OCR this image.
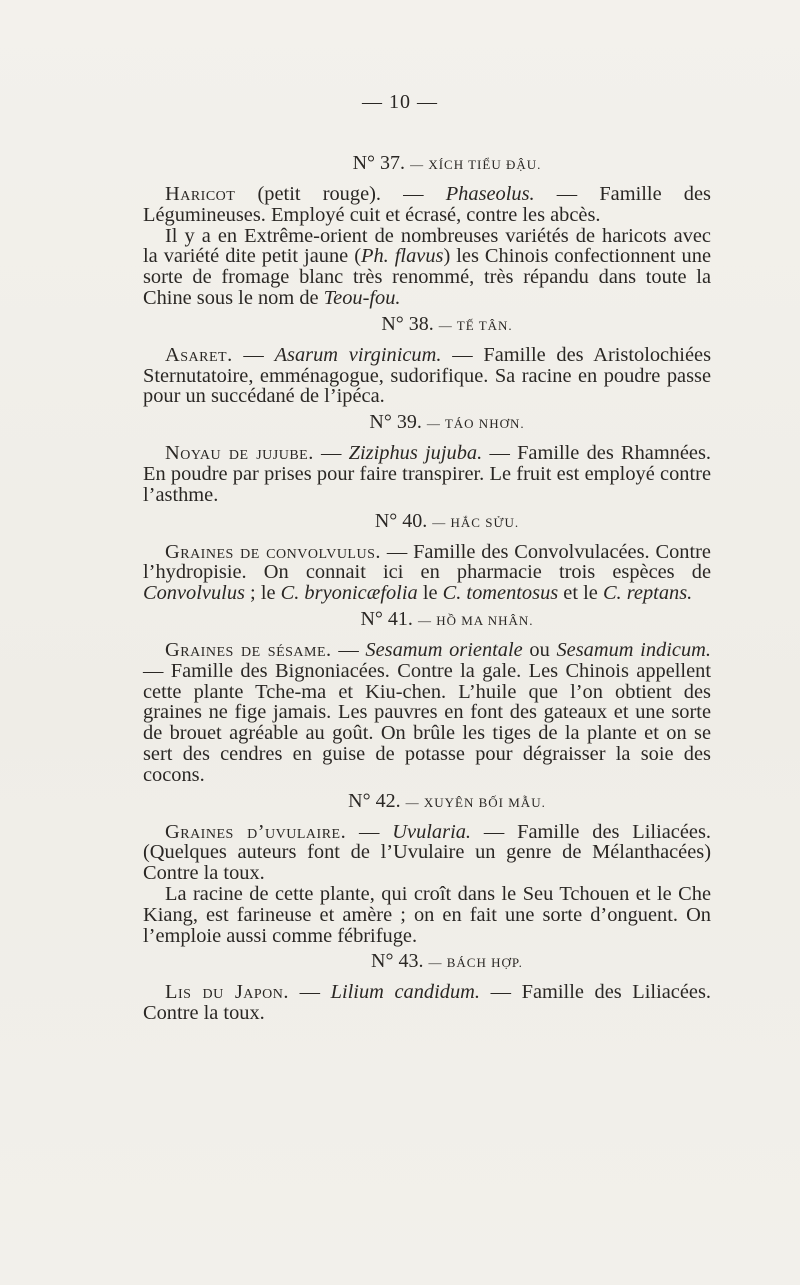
— 10 —
N° 37. — XÍCH TIỂU ĐẬU.

Haricot (petit rouge). — Phaseolus. — Famille des Légumineuses. Employé cuit et écrasé, contre les abcès.

Il y a en Extrême-orient de nombreuses variétés de haricots avec la variété dite petit jaune (Ph. flavus) les Chinois confectionnent une sorte de fromage blanc très renommé, très répandu dans toute la Chine sous le nom de Teou-fou.

N° 38. — TẾ TÂN.

Asaret. — Asarum virginicum. — Famille des Aristolochiées Sternutatoire, emménagogue, sudorifique. Sa racine en poudre passe pour un succédané de l’ipéca.

N° 39. — TÁO NHƠN.

Noyau de jujube. — Ziziphus jujuba. — Famille des Rhamnées. En poudre par prises pour faire transpirer. Le fruit est employé contre l’asthme.

N° 40. — HẮC SỬU.

Graines de convolvulus. — Famille des Convolvulacées. Contre l’hydropisie. On connait ici en pharmacie trois espèces de Convolvulus ; le C. bryonicæfolia le C. tomentosus et le C. reptans.

N° 41. — HỒ MA NHÂN.

Graines de sésame. — Sesamum orientale ou Sesamum indicum. — Famille des Bignoniacées. Contre la gale. Les Chinois appellent cette plante Tche-ma et Kiu-chen. L’huile que l’on obtient des graines ne fige jamais. Les pauvres en font des gateaux et une sorte de brouet agréable au goût. On brûle les tiges de la plante et on se sert des cendres en guise de potasse pour dégraisser la soie des cocons.

N° 42. — XUYÊN BỐI MẪU.

Graines d’uvulaire. — Uvularia. — Famille des Liliacées. (Quelques auteurs font de l’Uvulaire un genre de Mélanthacées) Contre la toux.

La racine de cette plante, qui croît dans le Seu Tchouen et le Che Kiang, est farineuse et amère ; on en fait une sorte d’onguent. On l’emploie aussi comme fébrifuge.

N° 43. — BÁCH HỢP.

Lis du Japon. — Lilium candidum. — Famille des Liliacées. Contre la toux.
